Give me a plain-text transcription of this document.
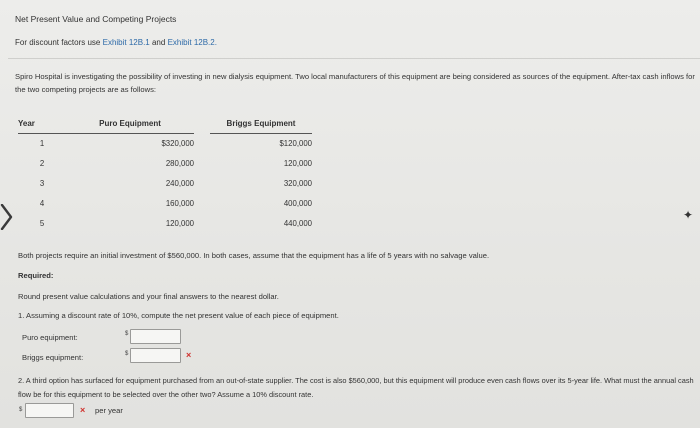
Net Present Value and Competing Projects
For discount factors use Exhibit 12B.1 and Exhibit 12B.2.
Spiro Hospital is investigating the possibility of investing in new dialysis equipment. Two local manufacturers of this equipment are being considered as sources of the equipment. After-tax cash inflows for the two competing projects are as follows:
Year	Puro Equipment		Briggs Equipment
1	$320,000		$120,000
2	280,000		120,000
3	240,000		320,000
4	160,000		400,000
5	120,000		440,000
✦
Both projects require an initial investment of $560,000. In both cases, assume that the equipment has a life of 5 years with no salvage value.
Required:
Round present value calculations and your final answers to the nearest dollar.
1. Assuming a discount rate of 10%, compute the net present value of each piece of equipment.
Puro equipment:	$
Briggs equipment:	$	×
2. A third option has surfaced for equipment purchased from an out-of-state supplier. The cost is also $560,000, but this equipment will produce even cash flows over its 5-year life. What must the annual cash flow be for this equipment to be selected over the other two? Assume a 10% discount rate.
$	× per year
